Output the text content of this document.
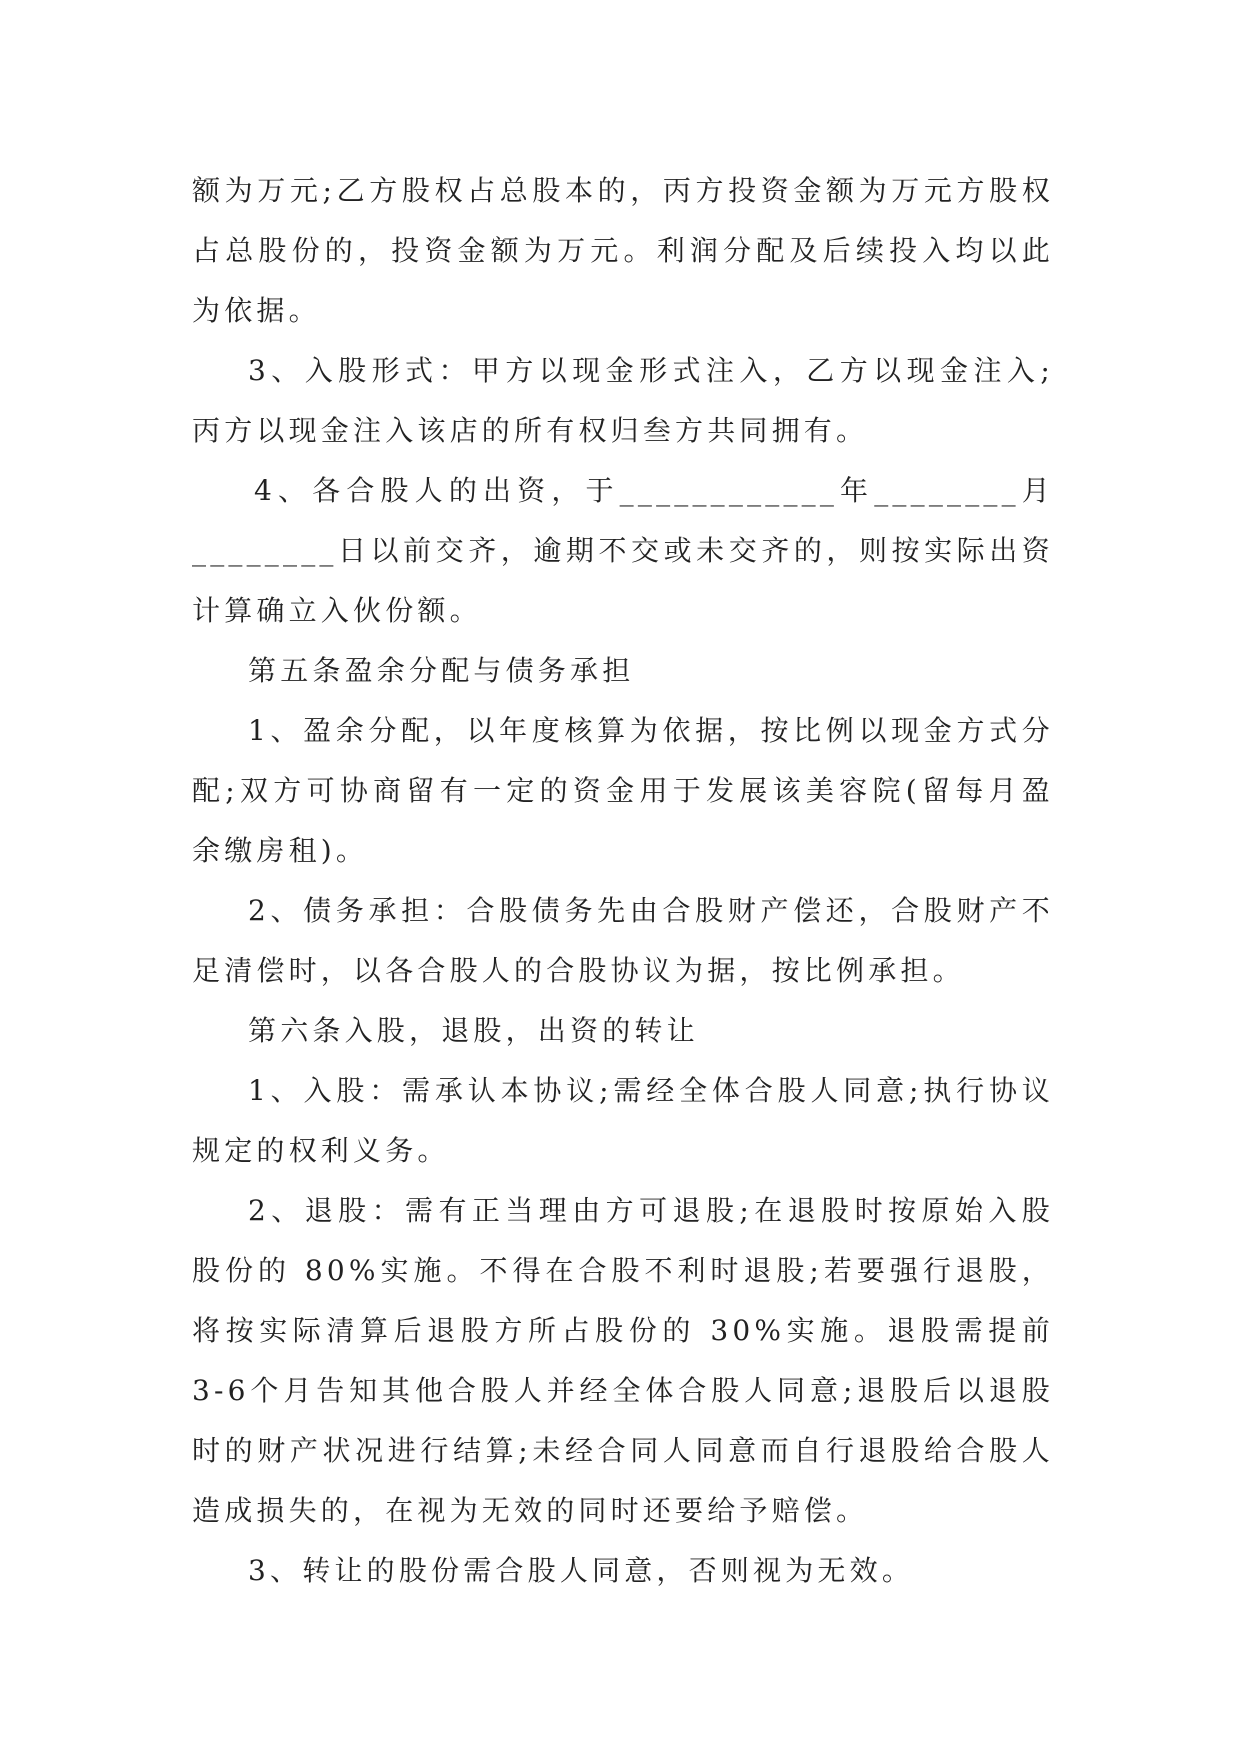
额为万元;乙方股权占总股本的，丙方投资金额为万元方股权占总股份的，投资金额为万元。利润分配及后续投入均以此为依据。

3、入股形式：甲方以现金形式注入，乙方以现金注入;丙方以现金注入该店的所有权归叁方共同拥有。

4、各合股人的出资，于____________年________月________日以前交齐，逾期不交或未交齐的，则按实际出资计算确立入伙份额。

第五条盈余分配与债务承担

1、盈余分配，以年度核算为依据，按比例以现金方式分配;双方可协商留有一定的资金用于发展该美容院(留每月盈余缴房租)。

2、债务承担：合股债务先由合股财产偿还，合股财产不足清偿时，以各合股人的合股协议为据，按比例承担。

第六条入股，退股，出资的转让

1、入股：需承认本协议;需经全体合股人同意;执行协议规定的权利义务。

2、退股：需有正当理由方可退股;在退股时按原始入股股份的 80%实施。不得在合股不利时退股;若要强行退股，将按实际清算后退股方所占股份的 30%实施。退股需提前 3-6个月告知其他合股人并经全体合股人同意;退股后以退股时的财产状况进行结算;未经合同人同意而自行退股给合股人造成损失的，在视为无效的同时还要给予赔偿。

3、转让的股份需合股人同意，否则视为无效。
